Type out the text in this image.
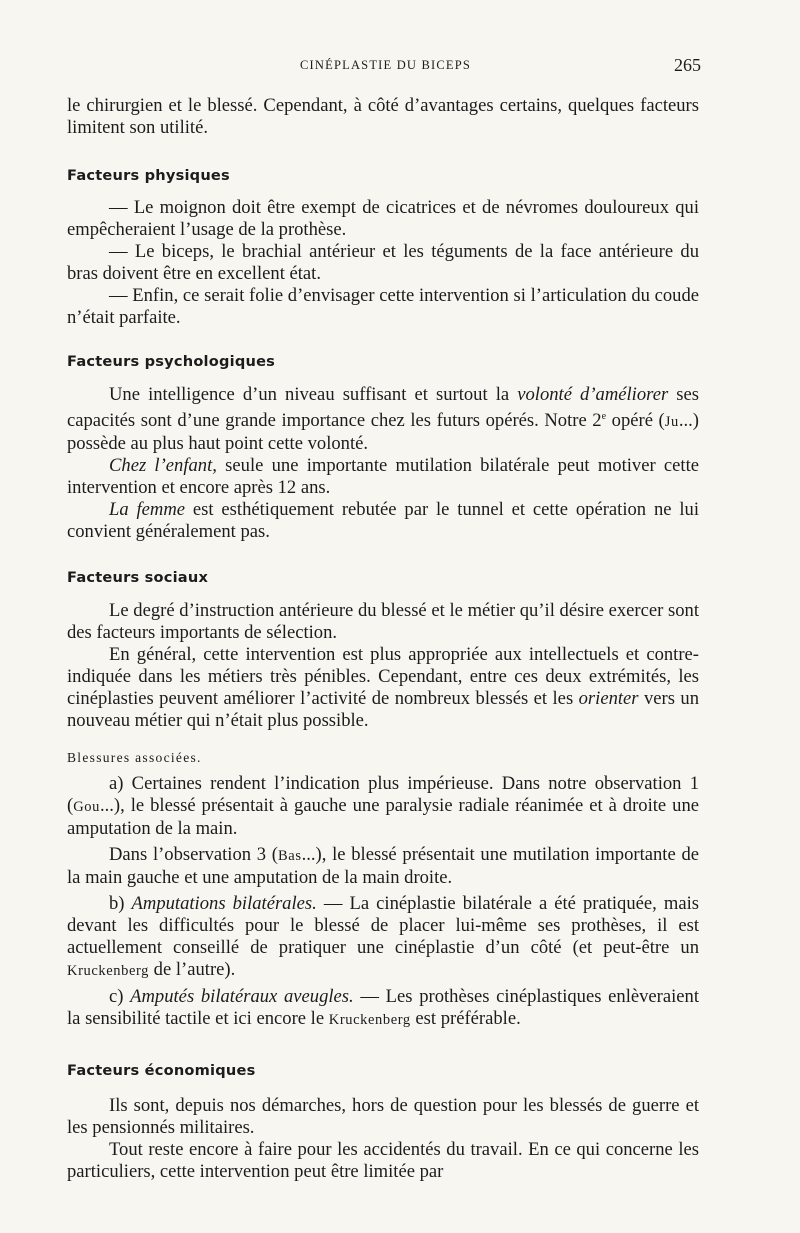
CINÉPLASTIE DU BICEPS	265

le chirurgien et le blessé. Cependant, à côté d’avantages certains, quelques facteurs limitent son utilité.

Facteurs physiques

— Le moignon doit être exempt de cicatrices et de névromes douloureux qui empêcheraient l’usage de la prothèse.

— Le biceps, le brachial antérieur et les téguments de la face antérieure du bras doivent être en excellent état.

— Enfin, ce serait folie d’envisager cette intervention si l’articulation du coude n’était parfaite.

Facteurs psychologiques

Une intelligence d’un niveau suffisant et surtout la volonté d’améliorer ses capacités sont d’une grande importance chez les futurs opérés. Notre 2e opéré (Ju...) possède au plus haut point cette volonté.

Chez l’enfant, seule une importante mutilation bilatérale peut motiver cette intervention et encore après 12 ans.

La femme est esthétiquement rebutée par le tunnel et cette opération ne lui convient généralement pas.

Facteurs sociaux

Le degré d’instruction antérieure du blessé et le métier qu’il désire exercer sont des facteurs importants de sélection.

En général, cette intervention est plus appropriée aux intellectuels et contre-indiquée dans les métiers très pénibles. Cependant, entre ces deux extrémités, les cinéplasties peuvent améliorer l’activité de nombreux blessés et les orienter vers un nouveau métier qui n’était plus possible.

Blessures associées.

a) Certaines rendent l’indication plus impérieuse. Dans notre observation 1 (Gou...), le blessé présentait à gauche une paralysie radiale réanimée et à droite une amputation de la main.

Dans l’observation 3 (Bas...), le blessé présentait une mutilation importante de la main gauche et une amputation de la main droite.

b) Amputations bilatérales. — La cinéplastie bilatérale a été pratiquée, mais devant les difficultés pour le blessé de placer lui-même ses prothèses, il est actuellement conseillé de pratiquer une cinéplastie d’un côté (et peut-être un Kruckenberg de l’autre).

c) Amputés bilatéraux aveugles. — Les prothèses cinéplastiques enlèveraient la sensibilité tactile et ici encore le Kruckenberg est préférable.

Facteurs économiques

Ils sont, depuis nos démarches, hors de question pour les blessés de guerre et les pensionnés militaires.

Tout reste encore à faire pour les accidentés du travail. En ce qui concerne les particuliers, cette intervention peut être limitée par
